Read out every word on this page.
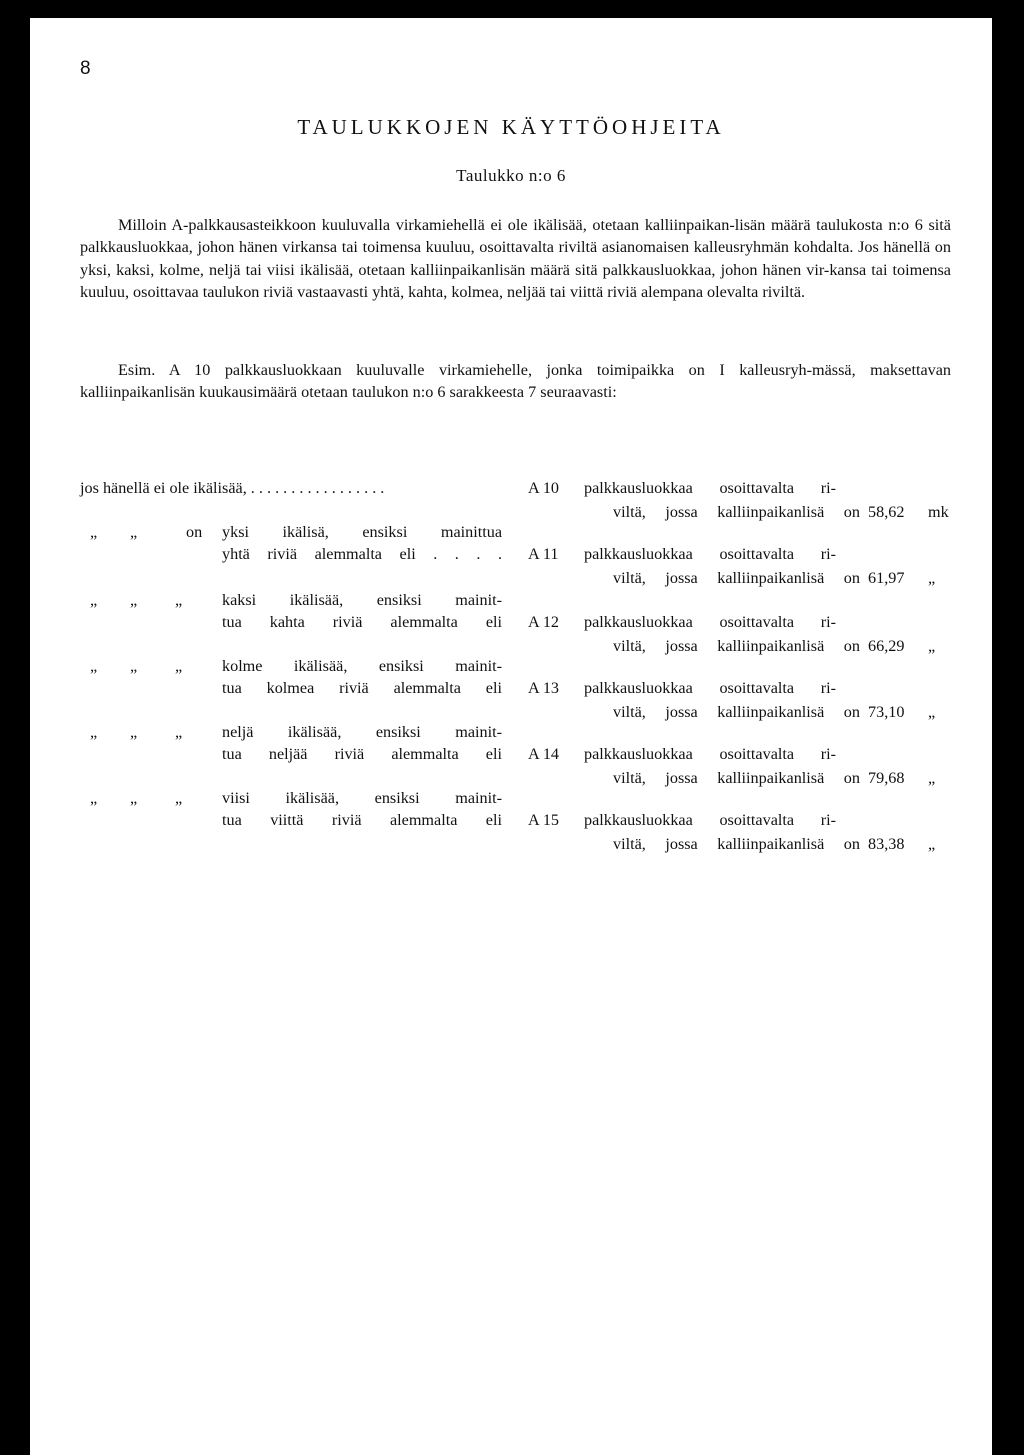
8
TAULUKKOJEN KÄYTTÖOHJEITA
Taulukko n:o 6

Milloin A-palkkausasteikkoon kuuluvalla virkamiehellä ei ole ikälisää, otetaan kalliinpaikan-lisän määrä taulukosta n:o 6 sitä palkkausluokkaa, johon hänen virkansa tai toimensa kuuluu, osoittavalta riviltä asianomaisen kalleusryhmän kohdalta. Jos hänellä on yksi, kaksi, kolme, neljä tai viisi ikälisää, otetaan kalliinpaikanlisän määrä sitä palkkausluokkaa, johon hänen vir-kansa tai toimensa kuuluu, osoittavaa taulukon riviä vastaavasti yhtä, kahta, kolmea, neljää tai viittä riviä alempana olevalta riviltä.

Esim. A 10 palkkausluokkaan kuuluvalle virkamiehelle, jonka toimipaikka on I kalleusryh-mässä, maksettavan kalliinpaikanlisän kuukausimäärä otetaan taulukon n:o 6 sarakkeesta 7 seuraavasti:

jos hänellä ei ole ikälisää, . . . . . . . . . . . . . . . . .	A 10	palkkausluokkaa osoittavalta ri-
viltä, jossa kalliinpaikanlisä on 58,62	mk
„ „	on yksi ikälisä, ensiksi mainittua
yhtä riviä alemmalta eli . . . . A 11	palkkausluokkaa osoittavalta ri-
viltä, jossa kalliinpaikanlisä on 61,97	„
„ „ „ kaksi ikälisää, ensiksi mainit-
tua kahta riviä alemmalta eli A 12	palkkausluokkaa osoittavalta ri-
viltä, jossa kalliinpaikanlisä on 66,29	„
„ „ „ kolme ikälisää, ensiksi mainit-
tua kolmea riviä alemmalta eli A 13	palkkausluokkaa osoittavalta ri-
viltä, jossa kalliinpaikanlisä on 73,10	„
„ „ „ neljä ikälisää, ensiksi mainit-
tua neljää riviä alemmalta eli A 14	palkkausluokkaa osoittavalta ri-
viltä, jossa kalliinpaikanlisä on 79,68	„
„ „ „ viisi ikälisää, ensiksi mainit-
tua viittä riviä alemmalta eli A 15	palkkausluokkaa osoittavalta ri-
viltä, jossa kalliinpaikanlisä on 83,38	„
